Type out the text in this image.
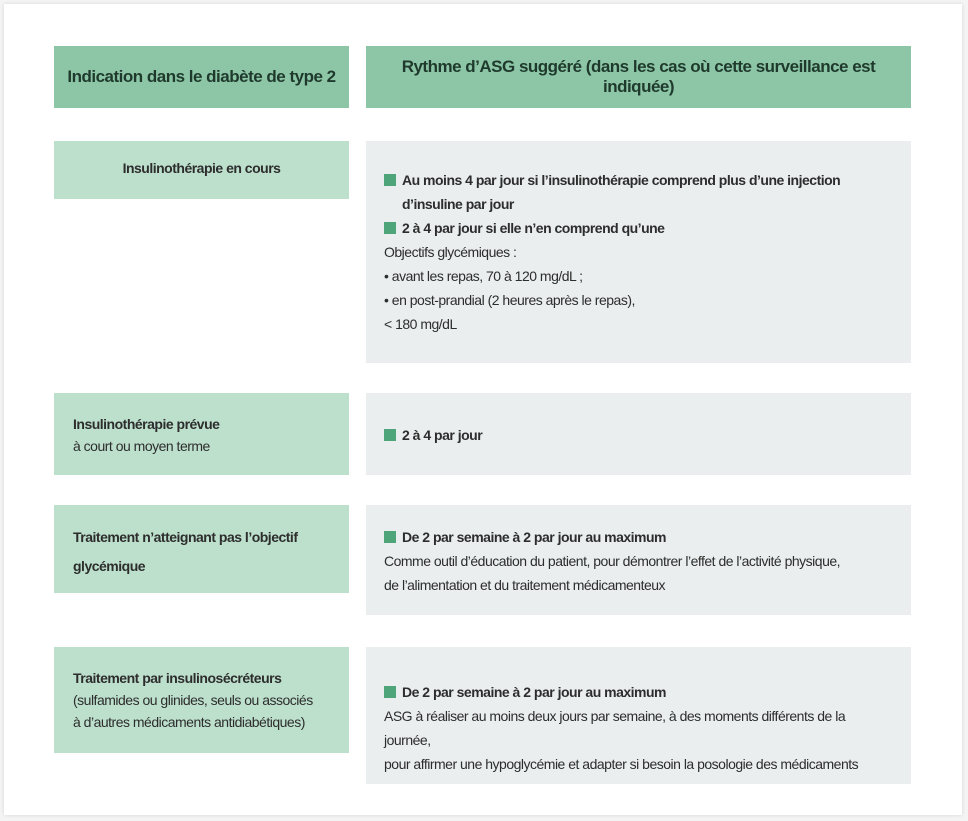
Indication dans le diabète de type 2
Rythme d’ASG suggéré (dans les cas où cette surveillance est indiquée)
Insulinothérapie en cours
Au moins 4 par jour si l’insulinothérapie comprend plus d’une injection d’insuline par jour
2 à 4 par jour si elle n’en comprend qu’une
Objectifs glycémiques :
• avant les repas, 70 à 120 mg/dL ;
• en post-prandial (2 heures après le repas),
< 180 mg/dL
Insulinothérapie prévue
à court ou moyen terme
2 à 4 par jour
Traitement n’atteignant pas l’objectif
glycémique
De 2 par semaine à 2 par jour au maximum
Comme outil d’éducation du patient, pour démontrer l’effet de l’activité physique,
de l’alimentation et du traitement médicamenteux
Traitement par insulinosécréteurs
(sulfamides ou glinides, seuls ou associés
à d’autres médicaments antidiabétiques)
De 2 par semaine à 2 par jour au maximum
ASG à réaliser au moins deux jours par semaine, à des moments différents de la journée,
pour affirmer une hypoglycémie et adapter si besoin la posologie des médicaments
